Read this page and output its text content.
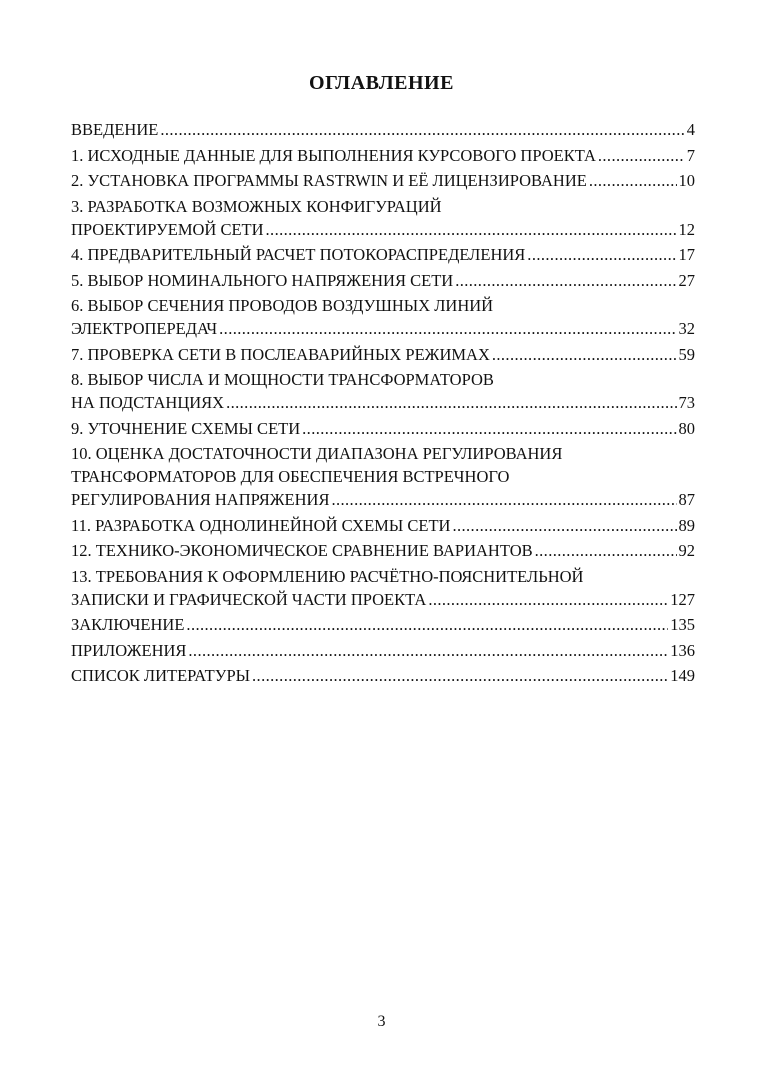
ОГЛАВЛЕНИЕ
ВВЕДЕНИЕ .....	4
1. ИСХОДНЫЕ ДАННЫЕ ДЛЯ ВЫПОЛНЕНИЯ КУРСОВОГО ПРОЕКТА .....	7
2. УСТАНОВКА ПРОГРАММЫ RASTRWIN И ЕЁ ЛИЦЕНЗИРОВАНИЕ .....	10
3. РАЗРАБОТКА ВОЗМОЖНЫХ КОНФИГУРАЦИЙ
ПРОЕКТИРУЕМОЙ СЕТИ .....	12
4. ПРЕДВАРИТЕЛЬНЫЙ РАСЧЕТ ПОТОКОРАСПРЕДЕЛЕНИЯ .....	17
5. ВЫБОР НОМИНАЛЬНОГО НАПРЯЖЕНИЯ СЕТИ .....	27
6. ВЫБОР СЕЧЕНИЯ ПРОВОДОВ ВОЗДУШНЫХ ЛИНИЙ
ЭЛЕКТРОПЕРЕДАЧ .....	32
7. ПРОВЕРКА СЕТИ В ПОСЛЕАВАРИЙНЫХ РЕЖИМАХ .....	59
8. ВЫБОР ЧИСЛА И МОЩНОСТИ ТРАНСФОРМАТОРОВ
НА ПОДСТАНЦИЯХ .....	73
9. УТОЧНЕНИЕ СХЕМЫ СЕТИ .....	80
10. ОЦЕНКА ДОСТАТОЧНОСТИ ДИАПАЗОНА РЕГУЛИРОВАНИЯ
ТРАНСФОРМАТОРОВ ДЛЯ ОБЕСПЕЧЕНИЯ ВСТРЕЧНОГО
РЕГУЛИРОВАНИЯ НАПРЯЖЕНИЯ .....	87
11. РАЗРАБОТКА ОДНОЛИНЕЙНОЙ СХЕМЫ СЕТИ .....	89
12. ТЕХНИКО-ЭКОНОМИЧЕСКОЕ СРАВНЕНИЕ ВАРИАНТОВ .....	92
13. ТРЕБОВАНИЯ К ОФОРМЛЕНИЮ РАСЧЁТНО-ПОЯСНИТЕЛЬНОЙ
ЗАПИСКИ И ГРАФИЧЕСКОЙ ЧАСТИ ПРОЕКТА .....	127
ЗАКЛЮЧЕНИЕ .....	135
ПРИЛОЖЕНИЯ .....	136
СПИСОК ЛИТЕРАТУРЫ .....	149
3
